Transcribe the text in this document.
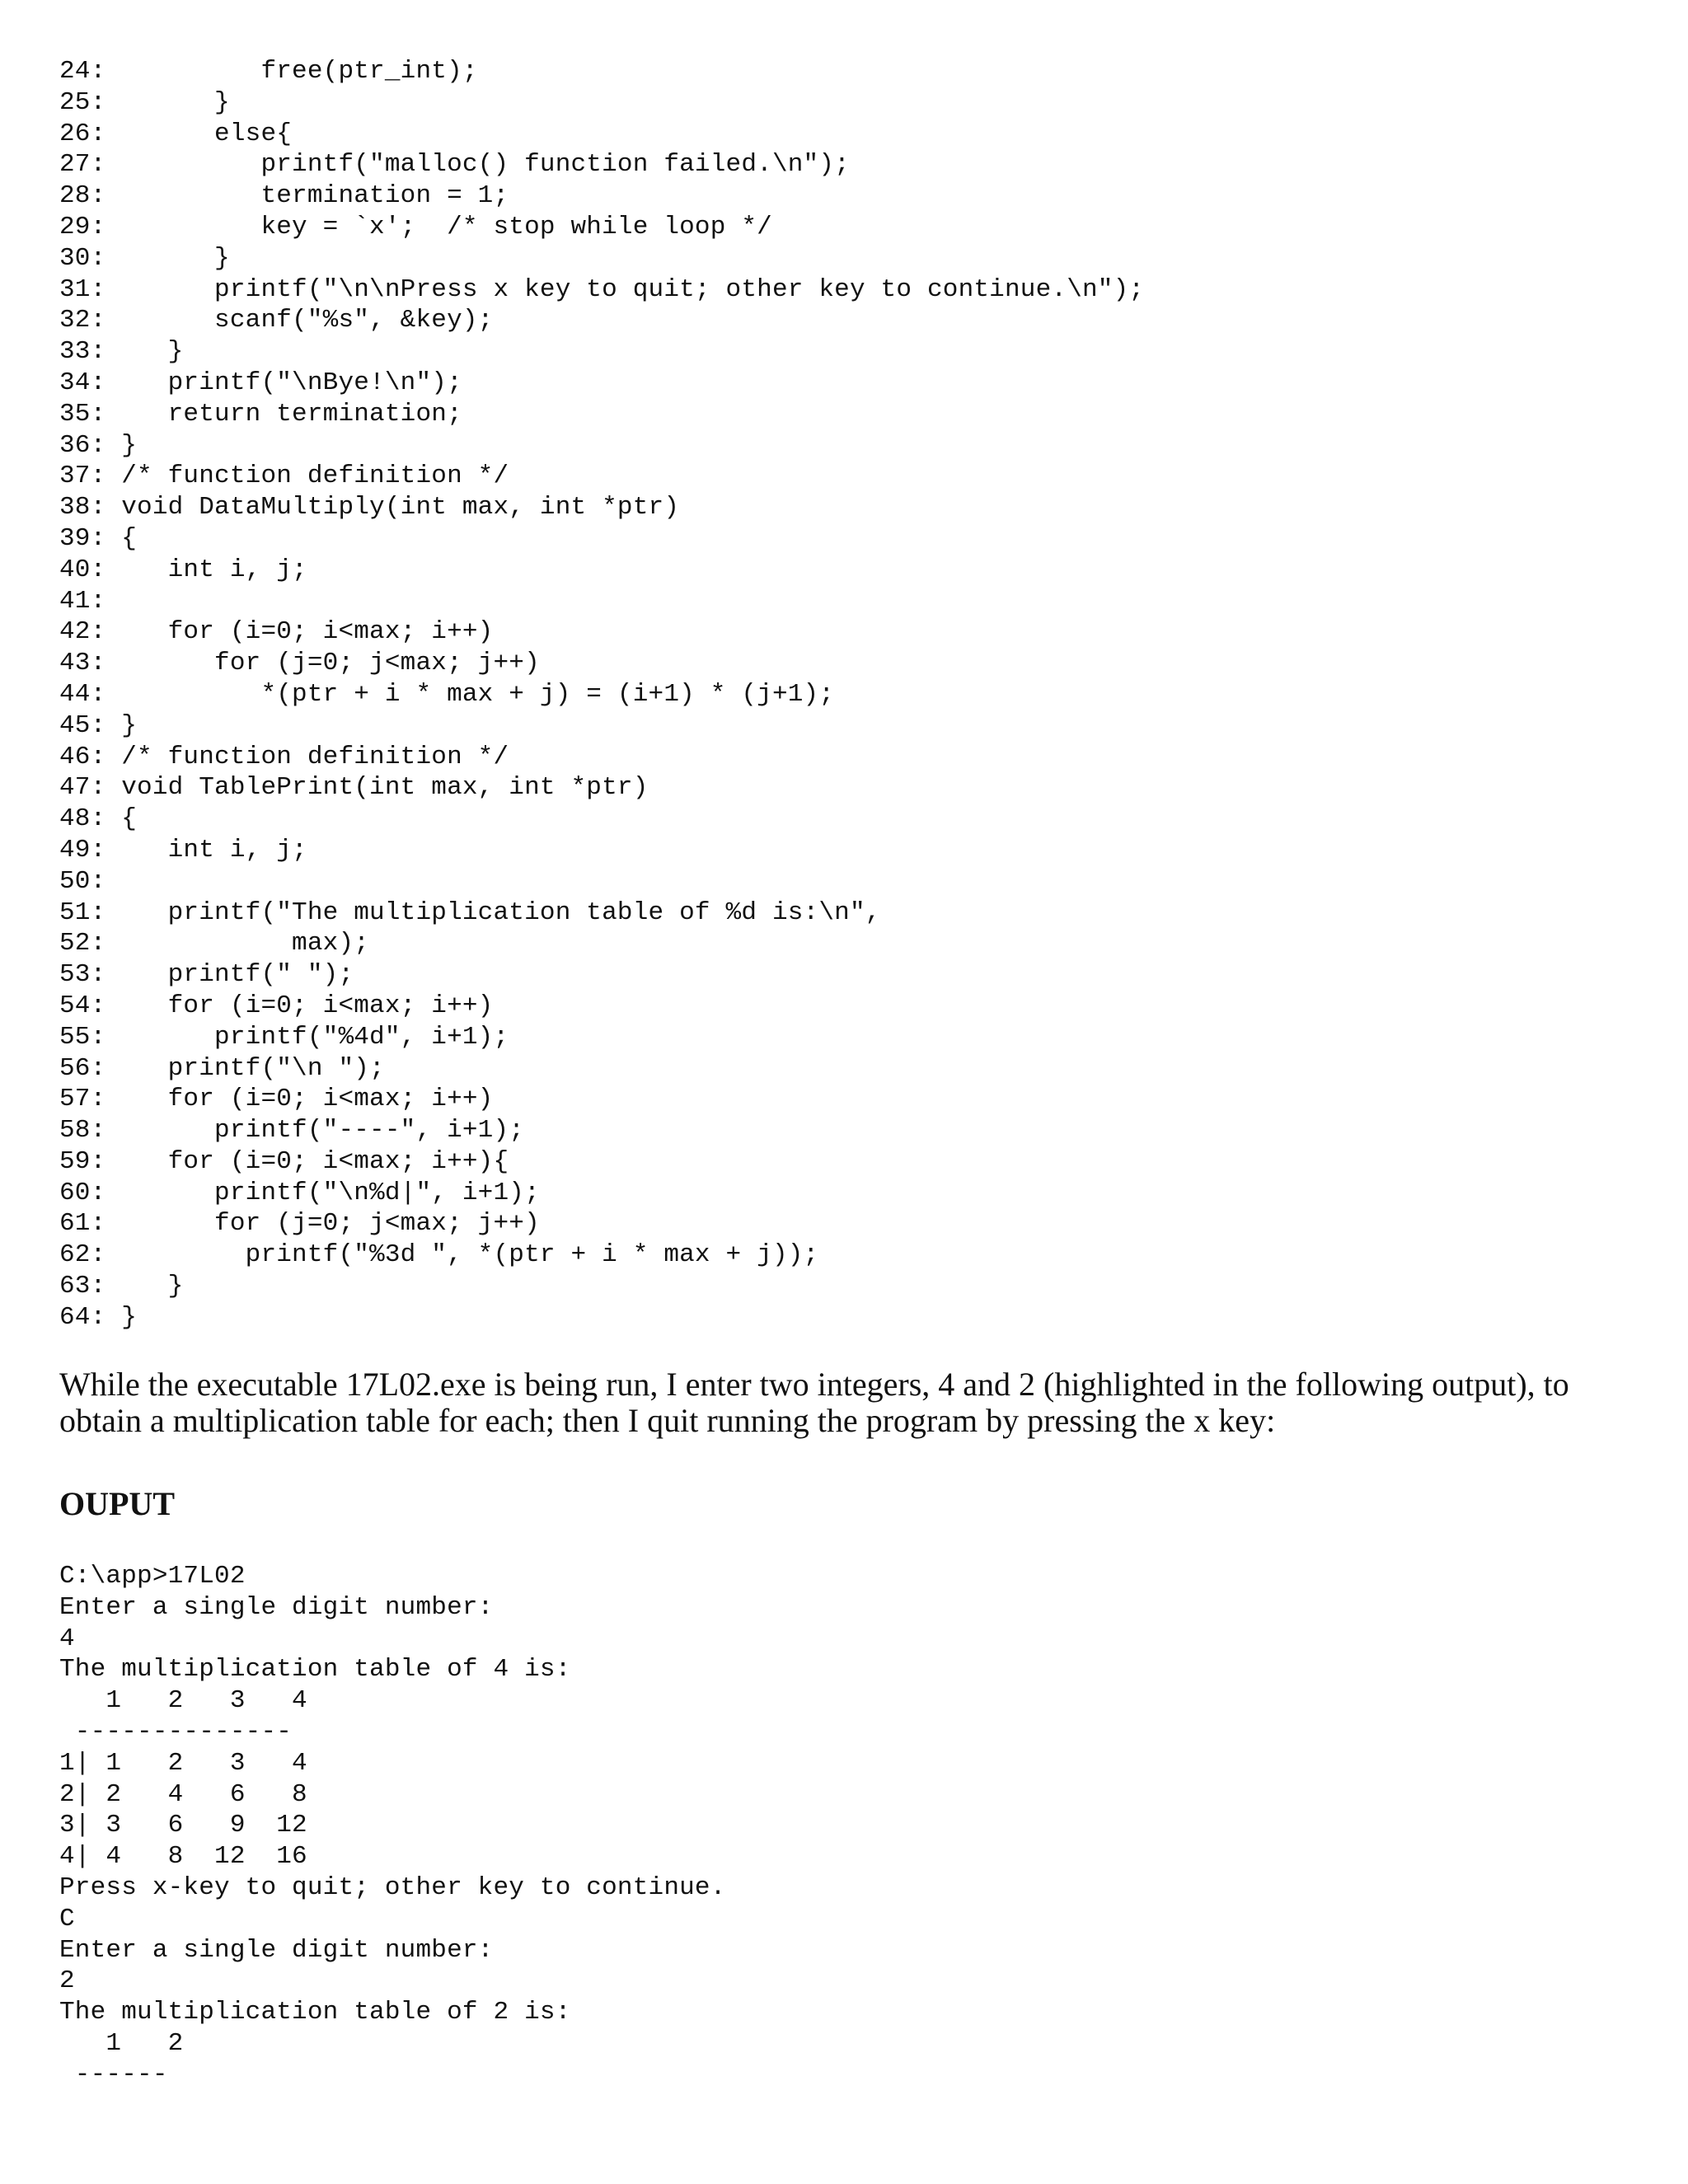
24:          free(ptr_int);
25:       }
26:       else{
27:          printf("malloc() function failed.\n");
28:          termination = 1;
29:          key = `x';  /* stop while loop */
30:       }
31:       printf("\n\nPress x key to quit; other key to continue.\n");
32:       scanf("%s", &key);
33:    }
34:    printf("\nBye!\n");
35:    return termination;
36: }
37: /* function definition */
38: void DataMultiply(int max, int *ptr)
39: {
40:    int i, j;
41:
42:    for (i=0; i<max; i++)
43:       for (j=0; j<max; j++)
44:          *(ptr + i * max + j) = (i+1) * (j+1);
45: }
46: /* function definition */
47: void TablePrint(int max, int *ptr)
48: {
49:    int i, j;
50:
51:    printf("The multiplication table of %d is:\n",
52:            max);
53:    printf(" ");
54:    for (i=0; i<max; i++)
55:       printf("%4d", i+1);
56:    printf("\n ");
57:    for (i=0; i<max; i++)
58:       printf("----", i+1);
59:    for (i=0; i<max; i++){
60:       printf("\n%d|", i+1);
61:       for (j=0; j<max; j++)
62:         printf("%3d ", *(ptr + i * max + j));
63:    }
64: }

While the executable 17L02.exe is being run, I enter two integers, 4 and 2 (highlighted in the following output), to obtain a multiplication table for each; then I quit running the program by pressing the x key:

OUPUT
C:\app>17L02
Enter a single digit number:
4
The multiplication table of 4 is:
1   2   3   4
--------------
1| 1   2   3   4
2| 2   4   6   8
3| 3   6   9  12
4| 4   8  12  16
Press x-key to quit; other key to continue.
C
Enter a single digit number:
2
The multiplication table of 2 is:
1   2
------
